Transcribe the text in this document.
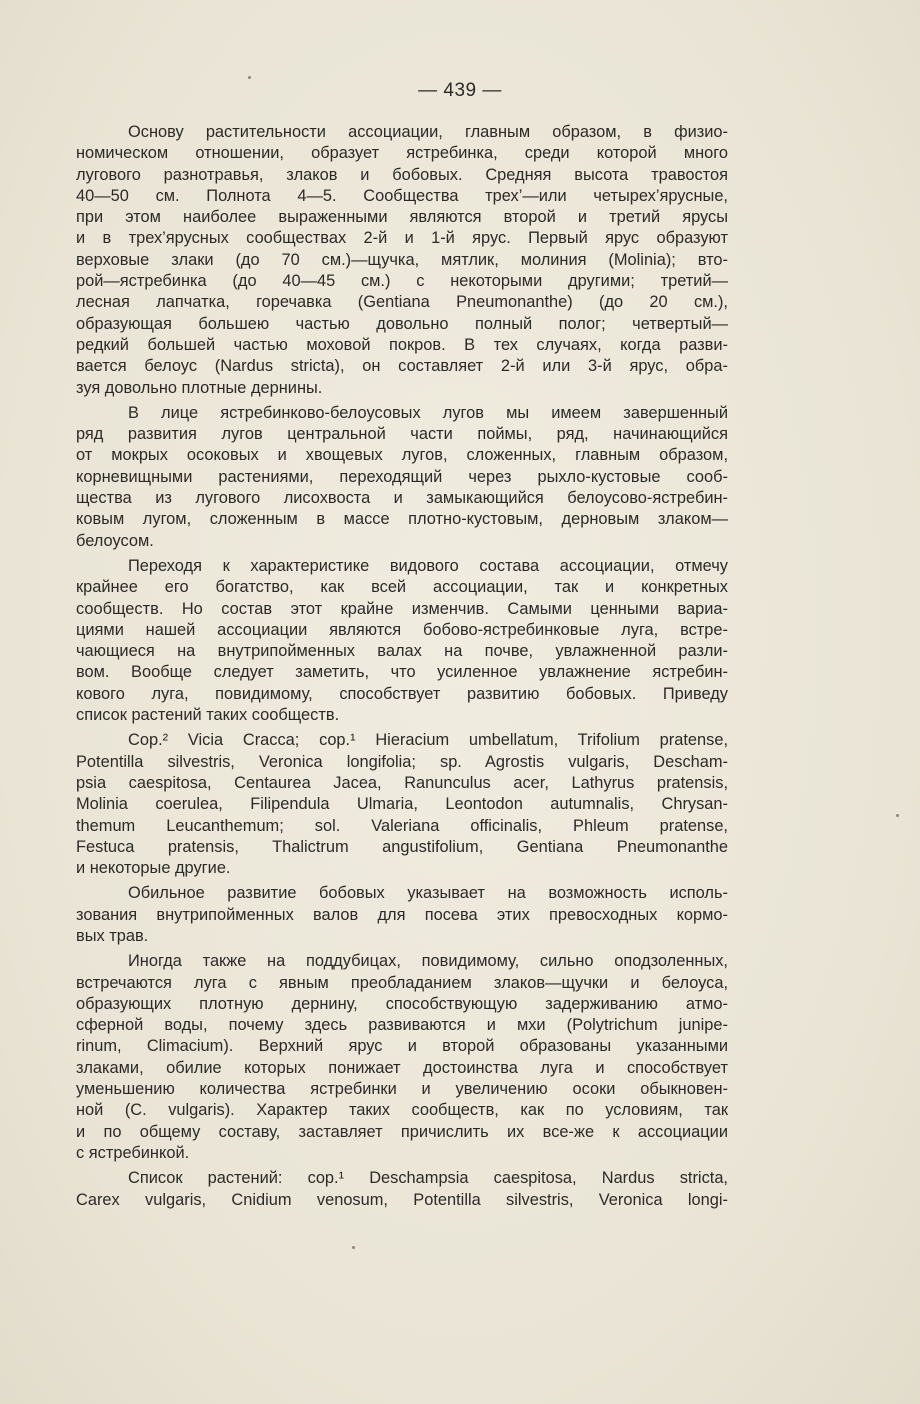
— 439 —
Основу растительности ассоциации, главным образом, в физио-
номическом отношении, образует ястребинка, среди которой много
лугового разнотравья, злаков и бобовых. Средняя высота травостоя
40—50 см. Полнота 4—5. Сообщества трех’—или четырех’ярусные,
при этом наиболее выраженными являются второй и третий ярусы
и в трех’ярусных сообществах 2-й и 1-й ярус. Первый ярус образуют
верховые злаки (до 70 см.)—щучка, мятлик, молиния (Molinia); вто-
рой—ястребинка (до 40—45 см.) с некоторыми другими; третий—
лесная лапчатка, горечавка (Gentiana Pneumonanthe) (до 20 см.),
образующая большею частью довольно полный полог; четвертый—
редкий большей частью моховой покров. В тех случаях, когда разви-
вается белоус (Nardus stricta), он составляет 2-й или 3-й ярус, обра-
зуя довольно плотные дернины.
В лице ястребинково-белоусовых лугов мы имеем завершенный
ряд развития лугов центральной части поймы, ряд, начинающийся
от мокрых осоковых и хвощевых лугов, сложенных, главным образом,
корневищными растениями, переходящий через рыхло-кустовые сооб-
щества из лугового лисохвоста и замыкающийся белоусово-ястребин-
ковым лугом, сложенным в массе плотно-кустовым, дерновым злаком—
белоусом.
Переходя к характеристике видового состава ассоциации, отмечу
крайнее его богатство, как всей ассоциации, так и конкретных
сообществ. Но состав этот крайне изменчив. Самыми ценными вариа-
циями нашей ассоциации являются бобово-ястребинковые луга, встре-
чающиеся на внутрипойменных валах на почве, увлажненной разли-
вом. Вообще следует заметить, что усиленное увлажнение ястребин-
кового луга, повидимому, способствует развитию бобовых. Приведу
список растений таких сообществ.
Cop.² Vicia Cracca; cop.¹ Hieracium umbellatum, Trifolium pratense,
Potentilla silvestris, Veronica longifolia; sp. Agrostis vulgaris, Descham-
psia caespitosa, Centaurea Jacea, Ranunculus acer, Lathyrus pratensis,
Molinia coerulea, Filipendula Ulmaria, Leontodon autumnalis, Chrysan-
themum Leucanthemum; sol. Valeriana officinalis, Phleum pratense,
Festuca pratensis, Thalictrum angustifolium, Gentiana Pneumonanthe
и некоторые другие.
Обильное развитие бобовых указывает на возможность исполь-
зования внутрипойменных валов для посева этих превосходных кормо-
вых трав.
Иногда также на поддубицах, повидимому, сильно оподзоленных,
встречаются луга с явным преобладанием злаков—щучки и белоуса,
образующих плотную дернину, способствующую задерживанию атмо-
сферной воды, почему здесь развиваются и мхи (Polytrichum junipe-
rinum, Climacium). Верхний ярус и второй образованы указанными
злаками, обилие которых понижает достоинства луга и способствует
уменьшению количества ястребинки и увеличению осоки обыкновен-
ной (C. vulgaris). Характер таких сообществ, как по условиям, так
и по общему составу, заставляет причислить их все-же к ассоциации
с ястребинкой.
Список растений: cop.¹ Deschampsia caespitosa, Nardus stricta,
Carex vulgaris, Cnidium venosum, Potentilla silvestris, Veronica longi-
